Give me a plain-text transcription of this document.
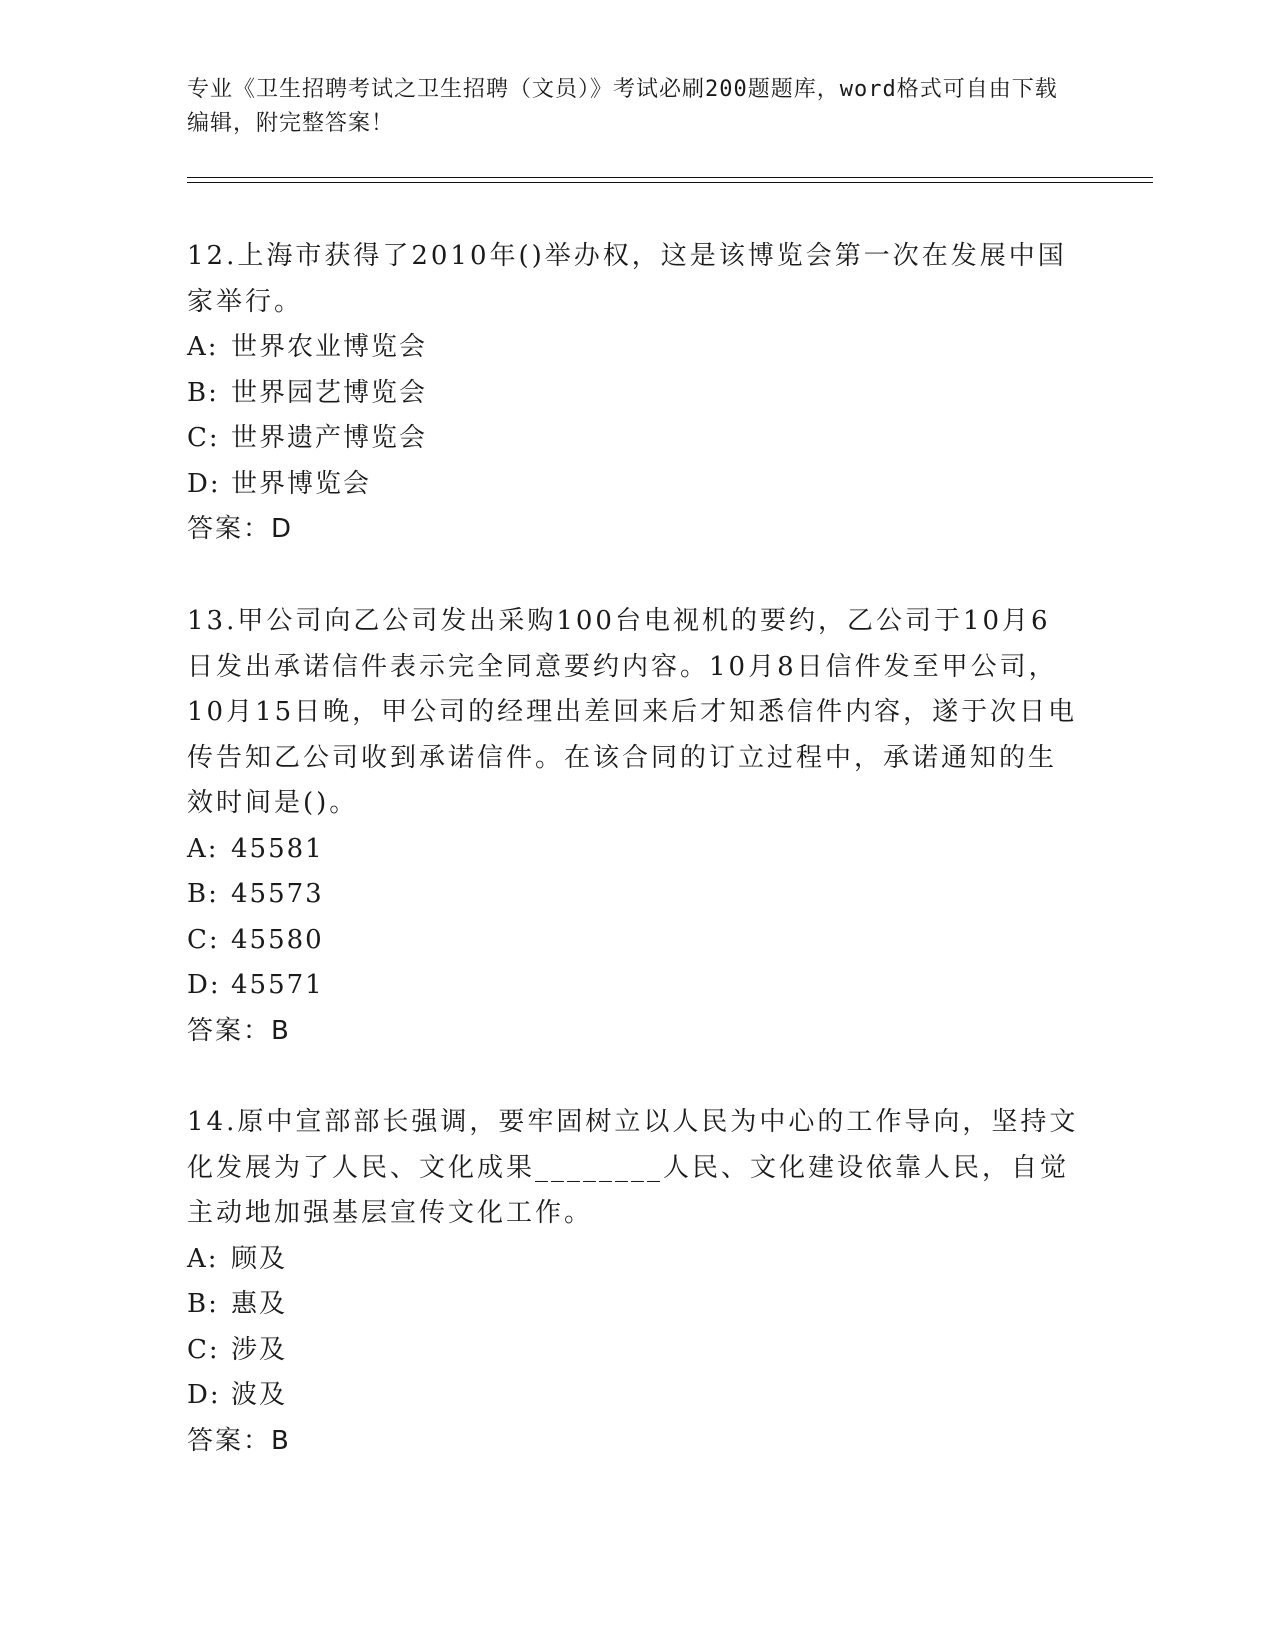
专业《卫生招聘考试之卫生招聘（文员）》考试必刷200题题库，word格式可自由下载编辑，附完整答案！

12.上海市获得了2010年()举办权，这是该博览会第一次在发展中国

家举行。

A: 世界农业博览会

B: 世界园艺博览会

C: 世界遗产博览会

D: 世界博览会

答案：D

13.甲公司向乙公司发出采购100台电视机的要约，乙公司于10月6

日发出承诺信件表示完全同意要约内容。10月8日信件发至甲公司，

10月15日晚，甲公司的经理出差回来后才知悉信件内容，遂于次日电

传告知乙公司收到承诺信件。在该合同的订立过程中，承诺通知的生

效时间是()。

A: 45581

B: 45573

C: 45580

D: 45571

答案：B

14.原中宣部部长强调，要牢固树立以人民为中心的工作导向，坚持文

化发展为了人民、文化成果________人民、文化建设依靠人民，自觉

主动地加强基层宣传文化工作。

A: 顾及

B: 惠及

C: 涉及

D: 波及

答案：B
